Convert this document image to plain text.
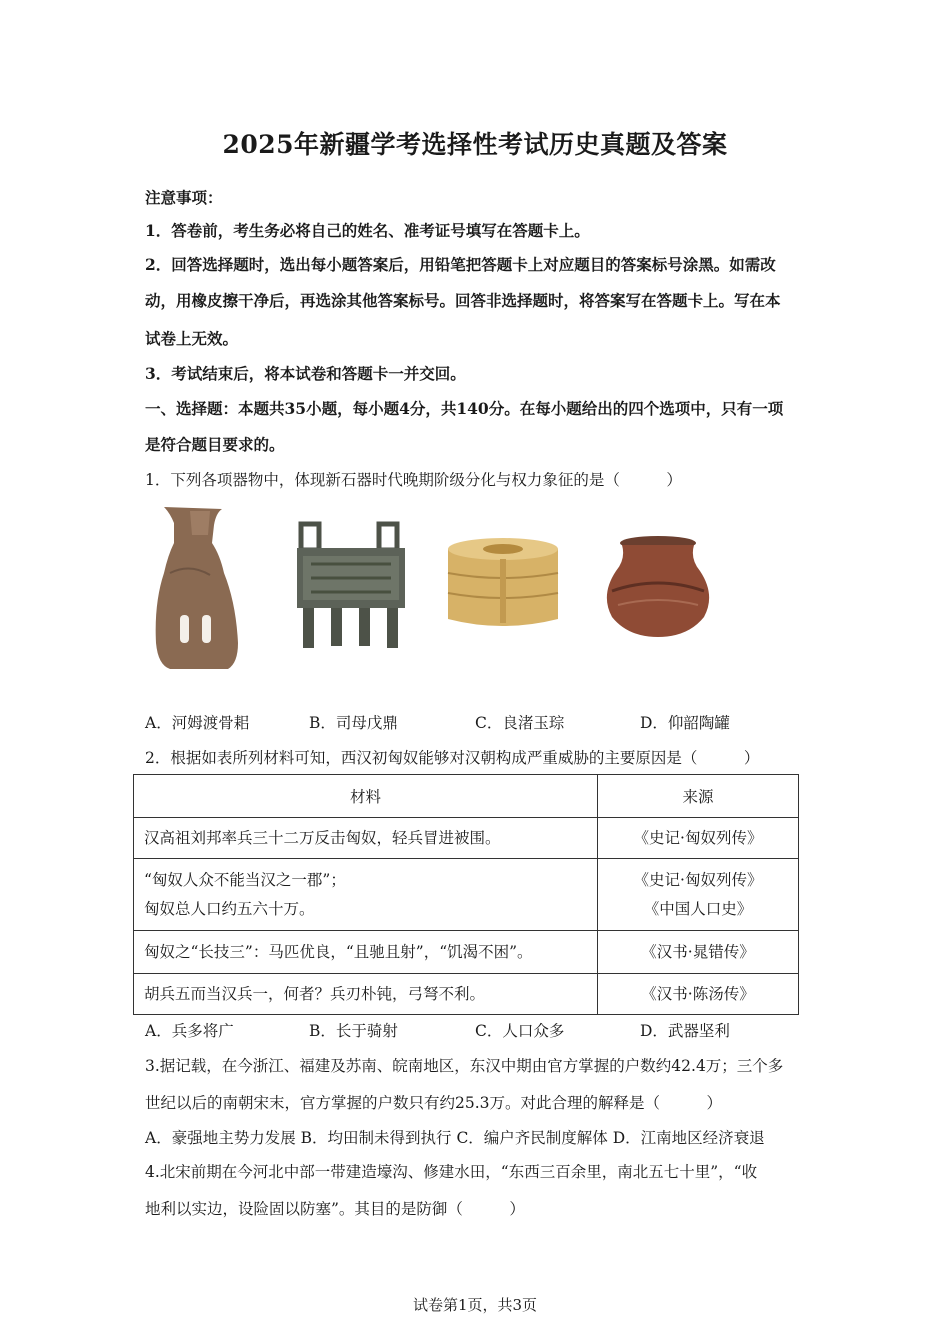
2025年新疆学考选择性考试历史真题及答案
注意事项：
1．答卷前，考生务必将自己的姓名、准考证号填写在答题卡上。
2．回答选择题时，选出每小题答案后，用铅笔把答题卡上对应题目的答案标号涂黑。如需改
动，用橡皮擦干净后，再选涂其他答案标号。回答非选择题时，将答案写在答题卡上。写在本
试卷上无效。
3．考试结束后，将本试卷和答题卡一并交回。
一、选择题：本题共35小题，每小题4分，共140分。在每小题给出的四个选项中，只有一项
是符合题目要求的。
1．下列各项器物中，体现新石器时代晚期阶级分化与权力象征的是（　　　）
A．河姆渡骨耜	B．司母戊鼎	C．良渚玉琮	D．仰韶陶罐
2．根据如表所列材料可知，西汉初匈奴能够对汉朝构成严重威胁的主要原因是（　　　）
材料	来源

汉高祖刘邦率兵三十二万反击匈奴，轻兵冒进被围。	《史记·匈奴列传》

“匈奴人众不能当汉之一郡”；
匈奴总人口约五六十万。	《史记·匈奴列传》
《中国人口史》

匈奴之“长技三”：马匹优良，“且驰且射”，“饥渴不困”。	《汉书·晁错传》

胡兵五而当汉兵一，何者？兵刃朴钝，弓弩不利。	《汉书·陈汤传》
A．兵多将广	B．长于骑射	C．人口众多	D．武器坚利
3.据记载，在今浙江、福建及苏南、皖南地区，东汉中期由官方掌握的户数约42.4万；三个多
世纪以后的南朝宋末，官方掌握的户数只有约25.3万。对此合理的解释是（　　　）
A．豪强地主势力发展 B．均田制未得到执行 C．编户齐民制度解体 D．江南地区经济衰退
4.北宋前期在今河北中部一带建造壕沟、修建水田，“东西三百余里，南北五七十里”，“收
地利以实边，设险固以防塞”。其目的是防御（　　　）
试卷第1页，共3页
